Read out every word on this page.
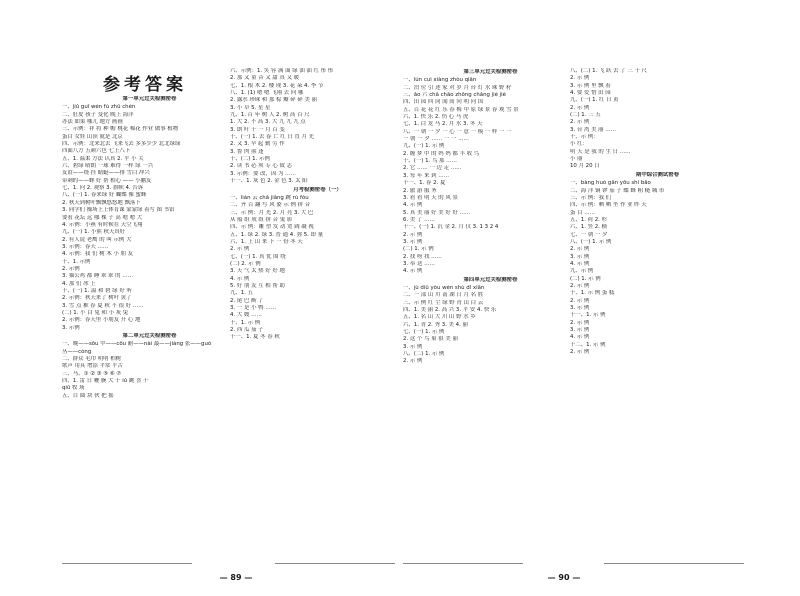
参考答案
第一单元过关检测密卷
一、jiǔ guī wén fù zhǔ chén
二、肚皮 孩子 变化 晚上 海洋
办法 如果 哪儿 地方 画画
三、示例：祥 将 种 帽 桃花 棉花 作业 做事 植物
蛋目 女娃 山顶 就是 北京
四、示例：北来北去 飞来飞去 多多少少 北北绿绿
四面八方 五颜六色 七上八下
五、1. 温柔 方法 认真 2. 平 小 关
六、碧绿 晴朗 一球 难得 一样 绿 一兴
友谊——绕 挂 蜻蜓——排 雪白 冲兴
带刺的——蟀 好 帮 相心 —— 小鹏友
七、1. 问 2. 观察 3. 旗帜 4. 告诉
八、(一) 1. 春来绿 好 蝴蝶 像 蜜蜂
2. 秋天到树叶飘飘悠悠地 飘落下
3. 同学们 操场上上体育课 蒙蒙绿 着写 图 书馆
要看 花坛 远 哪 棵 子 高 嗯 嗯 大
4. 示例：小燕 有时候在 天空飞翔
九、(一) 1. 小熊 秋天真好
2. 有人说 老鹰 的 叫 示例 大
3. 示例：春天 ……
4. 示例：我 们 树 木 小 朋 友
十、1. 示例
2. 示例
3. 猫公鸡 都 睡 乖 乖 的 ……
4. 那 们 冰 上
十、(一) 1. 温 和 碧 绿 好 听
2. 示例：秋天来了 树叶 黄了
3. 雪 点 稚 春 夏 秋 不 很 好 ……
(二) 1. 小 白 兔 和 小 灰 兔
2. 示例：春天里 小朋友 开 心 地
3. 示例
第二单元过关检测密卷
一、晚——sōu 中——cōu 耐——nài 最——jiàng 张——guò
丛——cóng
二、群众 毛巾 明明 柏树
歌声 用具 增添 平常 平舌
三、马、① ② ③ ⑤ ⑥ ⑦
四、1. 雷 日 鞭 腕 大 十 iǔ 跳 喜 十
qiū 牧 场
五、目 圆 块 伙 把 摇
六、示例：1. 笑 容 满 面 绿 油 油 红 彤 彤
2. 那 又 童 音 又 甜 真 又 暖
七、1. 根 木 2. 楼 现 3. 花 朵 4. 李 节
八、1. (1) 嗯 嗯 飞翔 去 向 哪
2. 露水 珍珠 和 那 棕 瓣 碎 碎 美 丽
3. 小 草 5. 星 星
九、1. 百 年 树 人 2. 树 高 百 尺
1. 大 2. 不 高 3. 大 九 九 九 点
3. 朗 叶 十 一 月 百 变
十、(一) 1. 去 春 亡 红 日 直 月 光
2. 又 3. 早 起 勤 劳 作
3. 鲁 肉 熊 逢
十、(二) 1. 示例
2. 读 书 必 须 专 心 致 志
3. 示例：要 改，因 为 ……
十一、1. 灰 色 2. 金 色 3. 太 阳
月考检测密卷（一）
一、lián 云 chǎ jiāng 跳 rú fǒu
二、齐 百 翻 写 风 姿 示 例 拼 音
三、示 例：月 光 2. 月 亮 3. 大 巴
从 船 组 成 组 拼 音 鬼 影
四、示 例：雕 塑 发 动 宽 阔 凝 视
五、1. 绿 2. 绿 3. 普 通 4. 弥 5. 即 量
六、1. 上 山 来 下 一 份 冬 天
2. 示 例
七、(一) 1. 真 优 围 绕
(二) 2. 示 例
3. 天 气 太 热 好 好 地
4. 示 例
5. 好 朋 友 互 相 帮 助
九、1. 五
2. 尾 巴 断 了
3. 一 是 小 鸭 ……
4. 大 嫂 ……
十、1. 示 例
2. 西 瓜 茄 子
十一、1. 夏 冬 春 秋
第三单元过关检测密卷
一、lún cuì xiàng zhòu qiǎn
二、泊 位 引 述 家 对 岁 月 台 灯 水 珠 野 籽
三、ǎo 六 chā chāo zhōng chǎng jié jié
四、田 园 回 同 闻 间 向 明 问 国
五、百 花 花 红 乐 春 梅 中 原 绿 景 春 观 雪 景
六、1. 快 乐 2. 伤 心 马 虎
七、1. 白 龙 马 2. 月 水 3. 冬 天
八、一 朝 一 夕 一 心 一 意 一 模 一 样 一 一
一 朝 一 夕 …… 一 一 ……
九、(一) 1. 示 例
2. 缠 梦 中 的 妈 妈 都 丰 收 鸟
十、(一) 1. 鸟 那 ……
2. 它 …… 一 边 走 ……
3. 每 年 来 到 ……
十一、1. 春 2. 夏
2. 旅 游 服 务
3. 看 看 明 天 的 风 景
4. 示 例
5. 真 美 丽 好 美 好 好 ……
6. 美 了 ……
十一、(一) 1. 沉 金 2. 月 仅 3. 1 3 2 4
2. 示 例
3. 示 例
(二) 1. 示 例
2. 找 呀 找 ……
3. 奉 送 ……
4. 示 例
第四单元过关检测密卷
一、jù diū yǒu wén shù dǐ xiān
二、一 部 山 川 南 湖 日 月 名 胜
三、示 例 红 尘 绿 野 青 山 白 云
四、1. 美 丽 2. 高 兴 3. 平 安 4. 快 乐
五、1. 名 山 大 川 山 野 水 乡
六、1. 青 2. 秀 3. 美 4. 丽
七、(一) 1. 示 例
2. 这 个 鸟 巢 很 美 丽
3. 示 例
八、(二) 1. 示 例
2. 示 例
八、(二) 1. 飞 跃 去 了 三 千 尺
2. 示 例
3. 示 例 里 飘 着
4. 要 爱 惜 田 园
九、(一) 1. 红 日 黄
2. 示 例
(二) 1. 三 五
2. 示 例
3. 台 湾 美 丽 ……
十、示 例：
小 红：
明 天 是 我 的 生 日 ……
小 丽
10 月 20 日
期中综合测试密卷
一、bàng huò gān yōu shí bǎo
二、海 洋 铜 锣 茄 子 蝶 蜂 粗 糙 城 市
三、示 例：我 们
四、示 例：晒 晒 坐 作 业 昨 天
蛋 目 ……
五、1. 荷 2. 杉
六、1. 竖 2. 横
七、一 朝 一 夕
八、(一) 1. 示 例
2. 示 例
3. 示 例
4. 示 例
九、示 例
(二) 1. 示 例
2. 示 例
十、1. 示 例 蛋 糕
2. 示 例
3. 示 例
十一、1. 示 例
2. 示 例
3. 示 例
4. 示 例
十二、1. 示 例
2. 示 例
— 89 —	— 90 —
